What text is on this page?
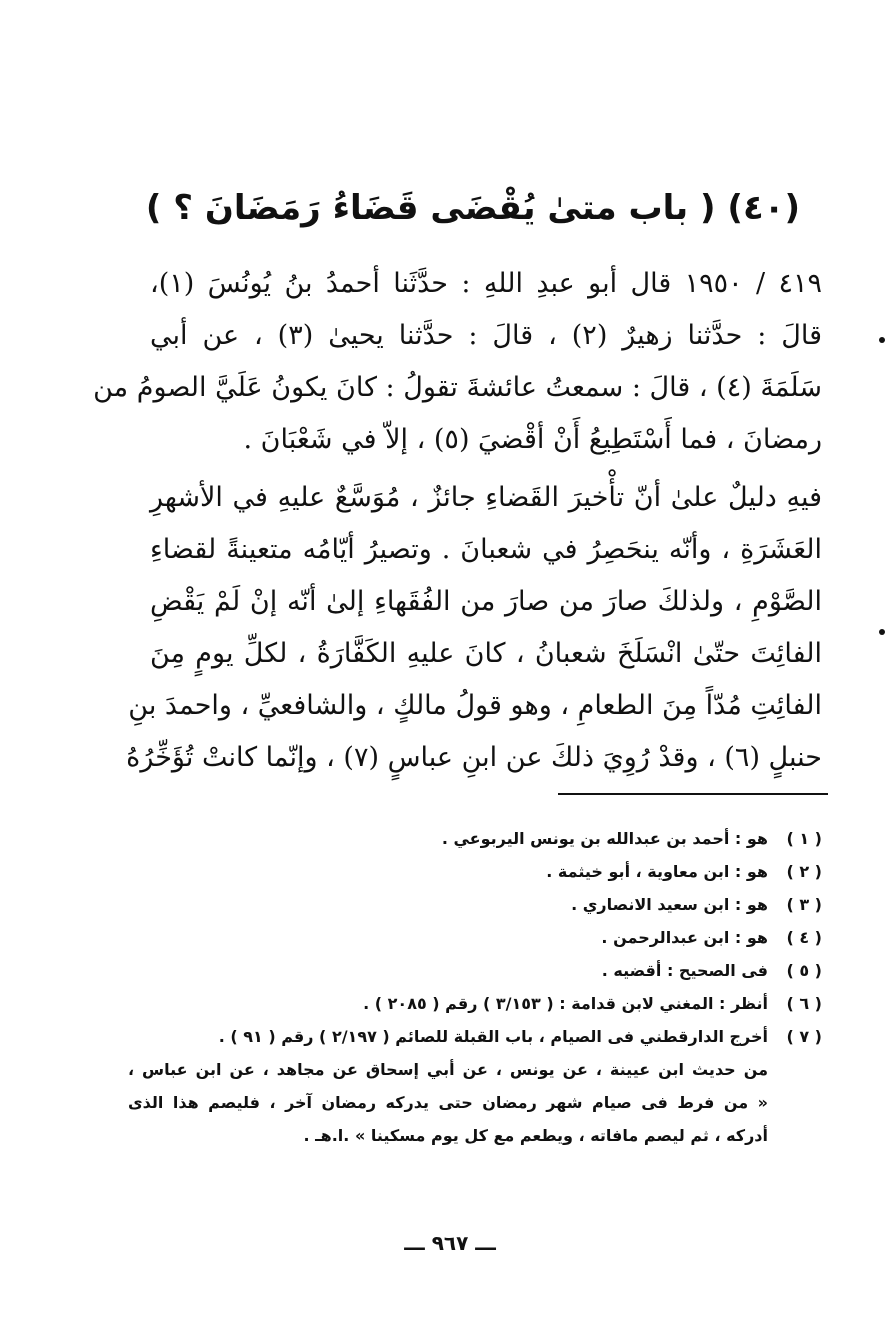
(٤٠) ( باب متىٰ يُقْضَى قَضَاءُ رَمَضَانَ ؟ )
٤١٩ / ١٩٥٠ قال أبو عبدِ اللهِ : حدَّثَنا أحمدُ بنُ يُونُسَ (١)،
قالَ : حدَّثنا زهيرٌ (٢) ، قالَ : حدَّثنا يحيىٰ (٣) ، عن أبي
سَلَمَةَ (٤) ، قالَ : سمعتُ عائشةَ تقولُ : كانَ يكونُ عَلَيَّ الصومُ من
رمضانَ ، فما أَسْتَطِيعُ أَنْ أقْضيَ (٥) ، إلاّ في شَعْبَانَ .
فيهِ دليلٌ علىٰ أنّ تأْخيرَ القَضاءِ جائزٌ ، مُوَسَّعٌ عليهِ في الأشهرِ
العَشَرَةِ ، وأنّه ينحَصِرُ في شعبانَ . وتصيرُ أيّامُه متعينةً لقضاءِ
الصَّوْمِ ، ولذلكَ صارَ من صارَ من الفُقَهاءِ إلىٰ أنّه إنْ لَمْ يَقْضِ
الفائِتَ حتّىٰ انْسَلَخَ شعبانُ ، كانَ عليهِ الكَفَّارَةُ ، لكلِّ يومٍ مِنَ
الفائِتِ مُدّاً مِنَ الطعامِ ، وهو قولُ مالكٍ ، والشافعيِّ ، واحمدَ بنِ
حنبلٍ (٦) ، وقدْ رُوِيَ ذلكَ عن ابنِ عباسٍ (٧) ، وإنّما كانتْ تُؤَخِّرُهُ
( ١ )
هو : أحمد بن عبدالله بن يونس اليربوعي .
( ٢ )
هو : ابن معاوية ، أبو خيثمة .
( ٣ )
هو : ابن سعيد الانصاري .
( ٤ )
هو : ابن عبدالرحمن .
( ٥ )
فى الصحيح : أقضيه .
( ٦ )
أنظر : المغني لابن قدامة : ( ٣/١٥٣ ) رقم ( ٢٠٨٥ ) .
( ٧ )
أخرج الدارقطني فى الصيام ، باب القبلة للصائم ( ٢/١٩٧ ) رقم ( ٩١ ) .
من حديث ابن عيينة ، عن يونس ، عن أبي إسحاق عن مجاهد ، عن ابن عباس ،
« من فرط فى صيام شهر رمضان حتى يدركه رمضان آخر ، فليصم هذا الذى
أدركه ، ثم ليصم مافاته ، ويطعم مع كل يوم مسكينا » .ا.هـ .
ـــ ٩٦٧ ـــ
